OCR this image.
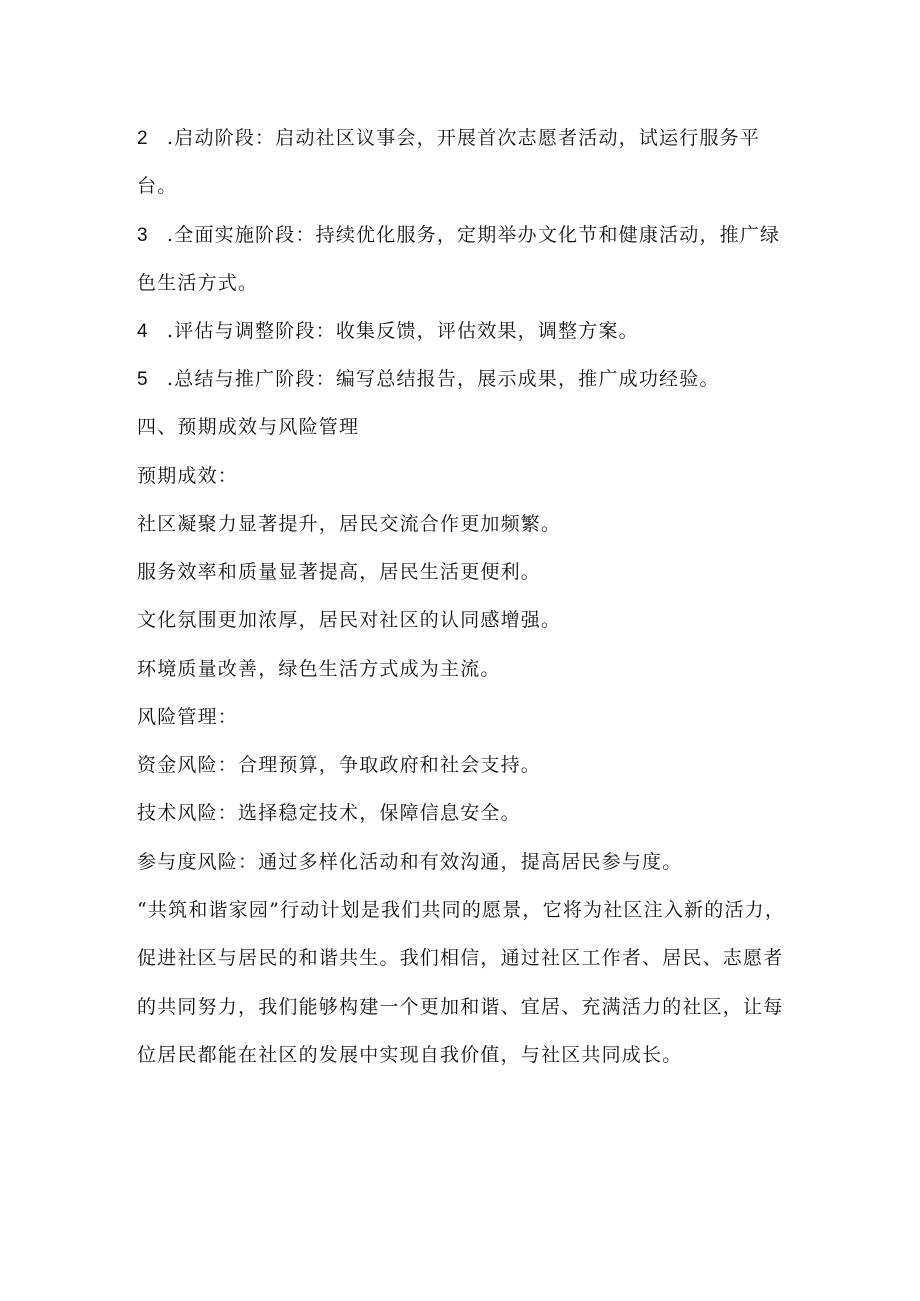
2 .启动阶段：启动社区议事会，开展首次志愿者活动，试运行服务平
台。
3 .全面实施阶段：持续优化服务，定期举办文化节和健康活动，推广绿
色生活方式。
4 .评估与调整阶段：收集反馈，评估效果，调整方案。
5 .总结与推广阶段：编写总结报告，展示成果，推广成功经验。
四、预期成效与风险管理
预期成效：
社区凝聚力显著提升，居民交流合作更加频繁。
服务效率和质量显著提高，居民生活更便利。
文化氛围更加浓厚，居民对社区的认同感增强。
环境质量改善，绿色生活方式成为主流。
风险管理：
资金风险：合理预算，争取政府和社会支持。
技术风险：选择稳定技术，保障信息安全。
参与度风险：通过多样化活动和有效沟通，提高居民参与度。
“共筑和谐家园”行动计划是我们共同的愿景，它将为社区注入新的活力，
促进社区与居民的和谐共生。我们相信，通过社区工作者、居民、志愿者
的共同努力，我们能够构建一个更加和谐、宜居、充满活力的社区，让每
位居民都能在社区的发展中实现自我价值，与社区共同成长。
